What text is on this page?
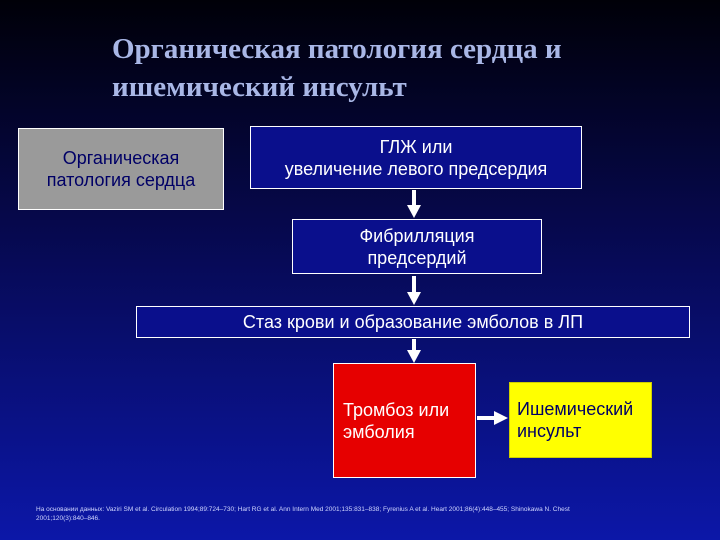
Органическая патология сердца и
ишемический инсульт
Органическая
патология сердца
ГЛЖ или
увеличение левого предсердия
Фибрилляция
предсердий
Стаз крови и образование эмболов в ЛП
Тромбоз или
эмболия
Ишемический
инсульт
На основании данных: Vaziri SM et al. Circulation 1994;89:724–730; Hart RG et al. Ann Intern Med 2001;135:831–838; Fyrenius A et al. Heart 2001;86(4):448–455; Shinokawa N. Chest
2001;120(3):840–846.
